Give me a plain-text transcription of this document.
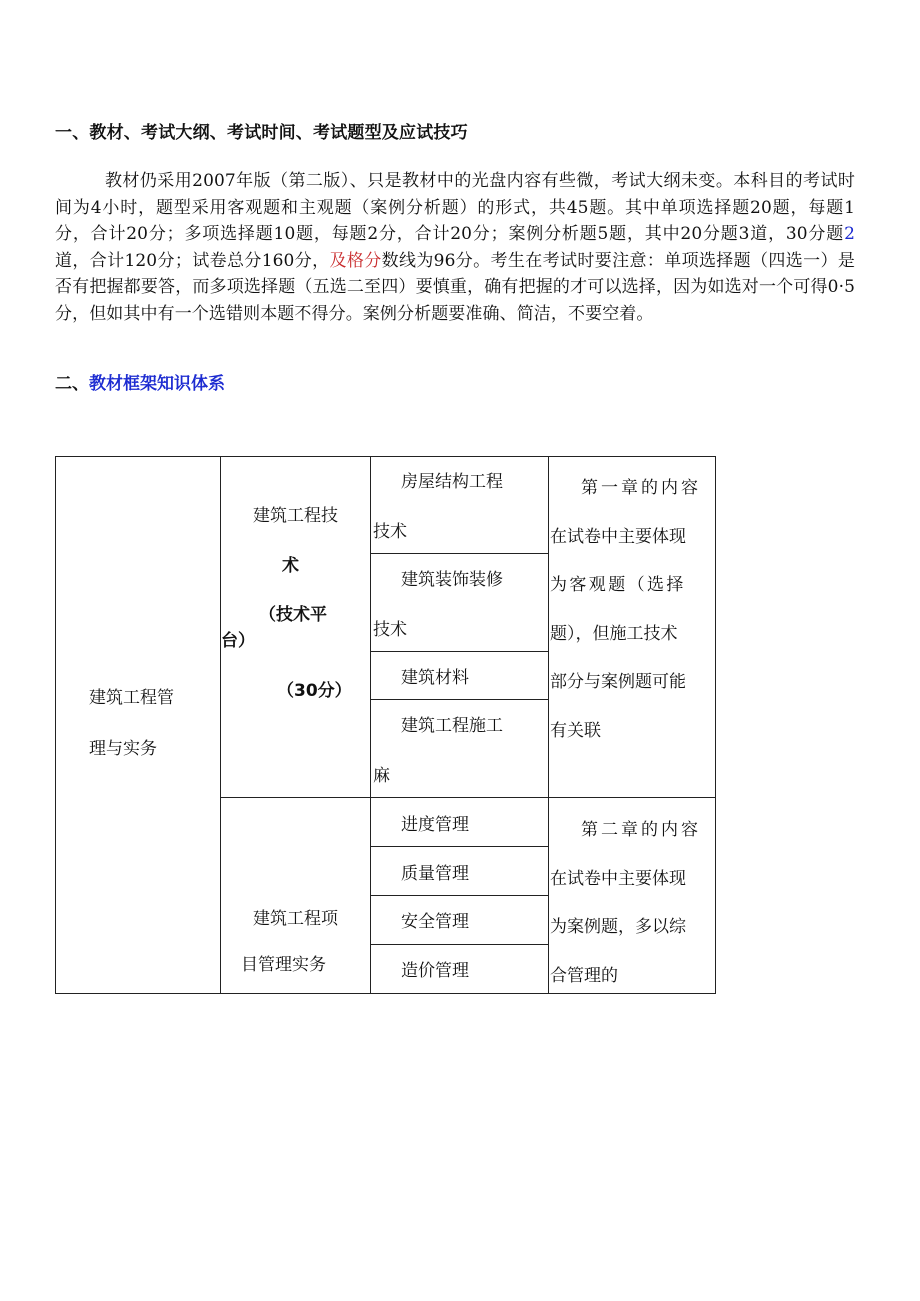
一、教材、考试大纲、考试时间、考试题型及应试技巧

教材仍采用2007年版（第二版）、只是教材中的光盘内容有些微，考试大纲未变。本科目的考试时间为4小时，题型采用客观题和主观题（案例分析题）的形式，共45题。其中单项选择题20题，每题1分，合计20分；多项选择题10题，每题2分，合计20分；案例分析题5题，其中20分题3道，30分题2道，合计120分；试卷总分160分，及格分数线为96分。考生在考试时要注意：单项选择题（四选一）是否有把握都要答，而多项选择题（五选二至四）要慎重，确有把握的才可以选择，因为如选对一个可得0·5分，但如其中有一个选错则本题不得分。案例分析题要准确、简洁，不要空着。

二、教材框架知识体系
建筑工程管
理与实务
建筑工程技
术
（技术平
台）
（30分）
建筑工程项
目管理实务
房屋结构工程
技术
建筑装饰装修
技术
建筑材料
建筑工程施工
麻
进度管理
质量管理
安全管理
造价管理
第一章的内容
在试卷中主要体现
为客观题（选择
题），但施工技术
部分与案例题可能
有关联
第二章的内容
在试卷中主要体现
为案例题，多以综
合管理的
